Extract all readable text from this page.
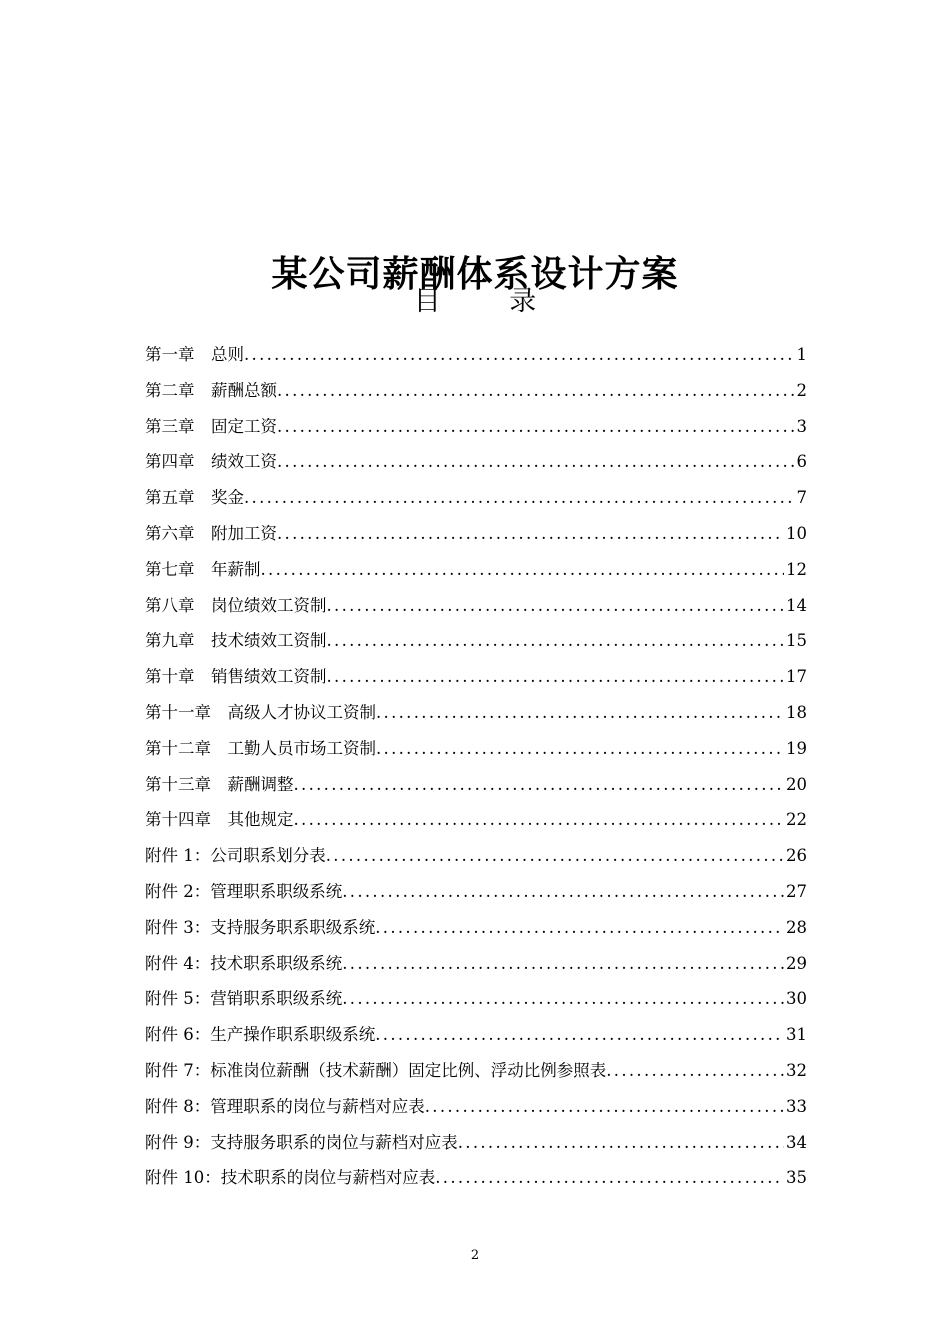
某公司薪酬体系设计方案
目 录
第一章　总则 .....	1
第二章　薪酬总额 .....	2
第三章　固定工资 .....	3
第四章　绩效工资 .....	6
第五章　奖金 .....	7
第六章　附加工资 .....	10
第七章　年薪制 .....	12
第八章　岗位绩效工资制 .....	14
第九章　技术绩效工资制 .....	15
第十章　销售绩效工资制 .....	17
第十一章　高级人才协议工资制 .....	18
第十二章　工勤人员市场工资制 .....	19
第十三章　薪酬调整 .....	20
第十四章　其他规定 .....	22
附件 1：公司职系划分表 .....	26
附件 2：管理职系职级系统 .....	27
附件 3：支持服务职系职级系统 .....	28
附件 4：技术职系职级系统 .....	29
附件 5：营销职系职级系统 .....	30
附件 6：生产操作职系职级系统 .....	31
附件 7：标准岗位薪酬（技术薪酬）固定比例、浮动比例参照表 .....	32
附件 8：管理职系的岗位与薪档对应表 .....	33
附件 9：支持服务职系的岗位与薪档对应表 .....	34
附件 10：技术职系的岗位与薪档对应表 .....	35
2
